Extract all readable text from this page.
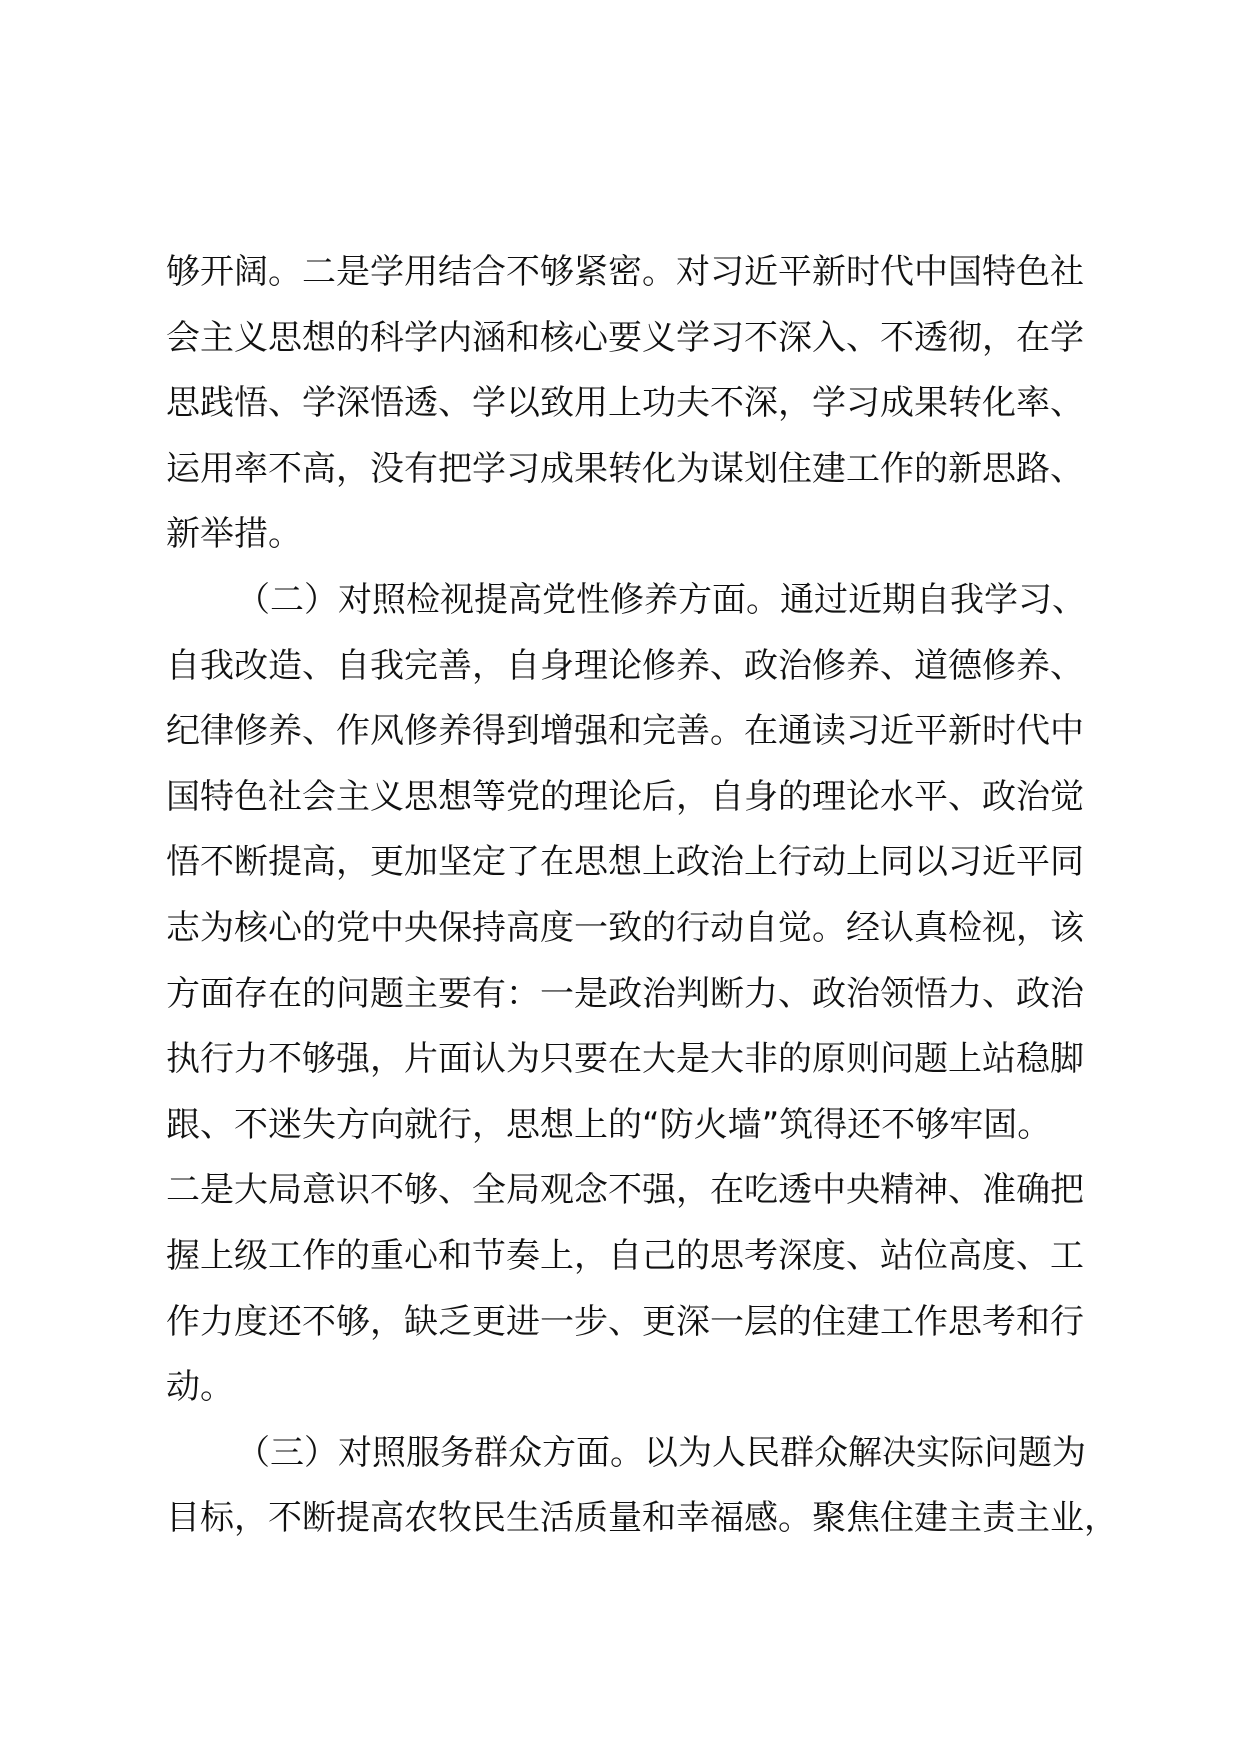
够开阔。二是学用结合不够紧密。对习近平新时代中国特色社
会主义思想的科学内涵和核心要义学习不深入、不透彻，在学
思践悟、学深悟透、学以致用上功夫不深，学习成果转化率、
运用率不高，没有把学习成果转化为谋划住建工作的新思路、
新举措。
（二）对照检视提高党性修养方面。通过近期自我学习、
自我改造、自我完善，自身理论修养、政治修养、道德修养、
纪律修养、作风修养得到增强和完善。在通读习近平新时代中
国特色社会主义思想等党的理论后，自身的理论水平、政治觉
悟不断提高，更加坚定了在思想上政治上行动上同以习近平同
志为核心的党中央保持高度一致的行动自觉。经认真检视，该
方面存在的问题主要有：一是政治判断力、政治领悟力、政治
执行力不够强，片面认为只要在大是大非的原则问题上站稳脚
跟、不迷失方向就行，思想上的“防火墙”筑得还不够牢固。
二是大局意识不够、全局观念不强，在吃透中央精神、准确把
握上级工作的重心和节奏上，自己的思考深度、站位高度、工
作力度还不够，缺乏更进一步、更深一层的住建工作思考和行
动。
（三）对照服务群众方面。以为人民群众解决实际问题为
目标，不断提高农牧民生活质量和幸福感。聚焦住建主责主业，
